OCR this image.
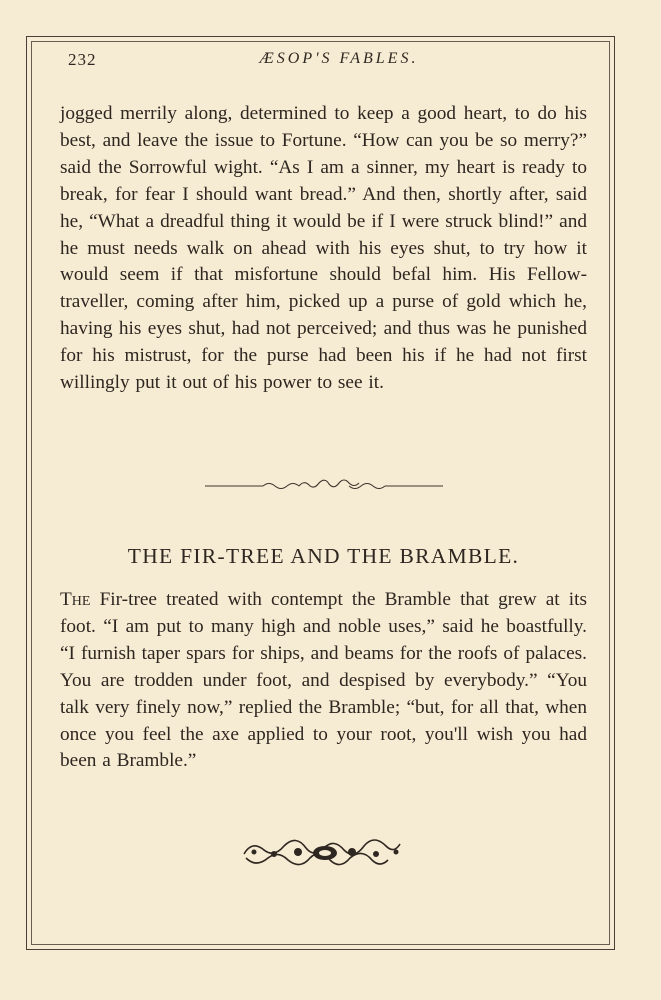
232	ÆSOP'S FABLES.

jogged merrily along, determined to keep a good heart, to do his best, and leave the issue to Fortune. “How can you be so merry?” said the Sorrowful wight. “As I am a sinner, my heart is ready to break, for fear I should want bread.” And then, shortly after, said he, “What a dreadful thing it would be if I were struck blind!” and he must needs walk on ahead with his eyes shut, to try how it would seem if that misfortune should befal him. His Fellow-traveller, coming after him, picked up a purse of gold which he, having his eyes shut, had not perceived; and thus was he punished for his mistrust, for the purse had been his if he had not first willingly put it out of his power to see it.

THE FIR-TREE AND THE BRAMBLE.

The Fir-tree treated with contempt the Bramble that grew at its foot. “I am put to many high and noble uses,” said he boastfully. “I furnish taper spars for ships, and beams for the roofs of palaces. You are trodden under foot, and despised by everybody.” “You talk very finely now,” replied the Bramble; “but, for all that, when once you feel the axe applied to your root, you'll wish you had been a Bramble.”
